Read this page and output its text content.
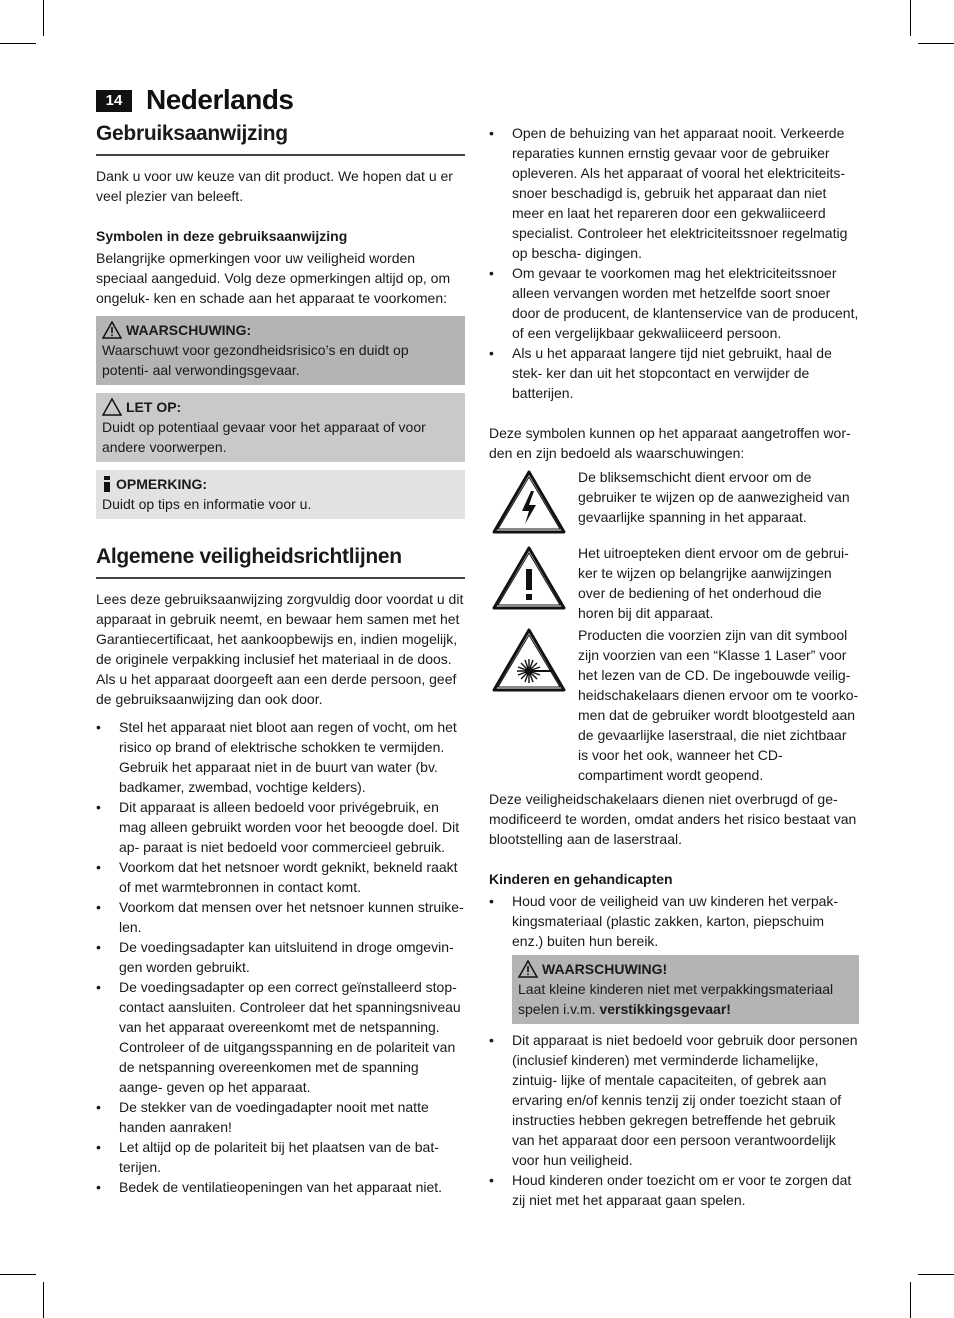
14 Nederlands
Gebruiksaanwijzing

Dank u voor uw keuze van dit product. We hopen dat u er veel plezier van beleeft.

Symbolen in deze gebruiksaanwijzing

Belangrijke opmerkingen voor uw veiligheid worden speciaal aangeduid. Volg deze opmerkingen altijd op, om ongeluk- ken en schade aan het apparaat te voorkomen:

WAARSCHUWING:

Waarschuwt voor gezondheidsrisico’s en duidt op potenti- aal verwondingsgevaar.

LET OP:

Duidt op potentiaal gevaar voor het apparaat of voor andere voorwerpen.

OPMERKING:

Duidt op tips en informatie voor u.

Algemene veiligheidsrichtlijnen

Lees deze gebruiksaanwijzing zorgvuldig door voordat u dit apparaat in gebruik neemt, en bewaar hem samen met het Garantiecertificaat, het aankoopbewijs en, indien mogelijk, de originele verpakking inclusief het materiaal in de doos. Als u het apparaat doorgeeft aan een derde persoon, geef de gebruiksaanwijzing dan ook door.

• Stel het apparaat niet bloot aan regen of vocht, om het risico op brand of elektrische schokken te vermijden. Gebruik het apparaat niet in de buurt van water (bv. badkamer, zwembad, vochtige kelders).
• Dit apparaat is alleen bedoeld voor privégebruik, en mag alleen gebruikt worden voor het beoogde doel. Dit ap- paraat is niet bedoeld voor commercieel gebruik.
• Voorkom dat het netsnoer wordt geknikt, bekneld raakt of met warmtebronnen in contact komt.
• Voorkom dat mensen over het netsnoer kunnen struike- len.
• De voedingsadapter kan uitsluitend in droge omgevin- gen worden gebruikt.
• De voedingsadapter op een correct geïnstalleerd stop- contact aansluiten. Controleer dat het spanningsniveau van het apparaat overeenkomt met de netspanning. Controleer of de uitgangsspanning en de polariteit van de netspanning overeenkomen met de spanning aange- geven op het apparaat.
• De stekker van de voedingadapter nooit met natte handen aanraken!
• Let altijd op de polariteit bij het plaatsen van de bat- terijen.
• Bedek de ventilatieopeningen van het apparaat niet.
• Open de behuizing van het apparaat nooit. Verkeerde reparaties kunnen ernstig gevaar voor de gebruiker opleveren. Als het apparaat of vooral het elektriciteits- snoer beschadigd is, gebruik het apparaat dan niet meer en laat het repareren door een gekwaliiceerd specialist. Controleer het elektriciteitssnoer regelmatig op bescha- digingen.
• Om gevaar te voorkomen mag het elektriciteitssnoer alleen vervangen worden met hetzelfde soort snoer door de producent, de klantenservice van de producent, of een vergelijkbaar gekwaliiceerd persoon.
• Als u het apparaat langere tijd niet gebruikt, haal de stek- ker dan uit het stopcontact en verwijder de batterijen.

Deze symbolen kunnen op het apparaat aangetroffen wor- den en zijn bedoeld als waarschuwingen:

De bliksemschicht dient ervoor om de gebruiker te wijzen op de aanwezigheid van gevaarlijke spanning in het apparaat.
Het uitroepteken dient ervoor om de gebrui- ker te wijzen op belangrijke aanwijzingen over de bediening of het onderhoud die horen bij dit apparaat.
Producten die voorzien zijn van dit symbool zijn voorzien van een “Klasse 1 Laser” voor het lezen van de CD. De ingebouwde veilig- heidschakelaars dienen ervoor om te voorko- men dat de gebruiker wordt blootgesteld aan de gevaarlijke laserstraal, die niet zichtbaar is voor het ook, wanneer het CD-compartiment wordt geopend.

Deze veiligheidschakelaars dienen niet overbrugd of ge- modificeerd te worden, omdat anders het risico bestaat van blootstelling aan de laserstraal.

Kinderen en gehandicapten

• Houd voor de veiligheid van uw kinderen het verpak- kingsmateriaal (plastic zakken, karton, piepschuim enz.) buiten hun bereik.
WAARSCHUWING!

Laat kleine kinderen niet met verpakkingsmateriaal spelen i.v.m. verstikkingsgevaar!

• Dit apparaat is niet bedoeld voor gebruik door personen (inclusief kinderen) met verminderde lichamelijke, zintuig- lijke of mentale capaciteiten, of gebrek aan ervaring en/of kennis tenzij zij onder toezicht staan of instructies hebben gekregen betreffende het gebruik van het apparaat door een persoon verantwoordelijk voor hun veiligheid.
• Houd kinderen onder toezicht om er voor te zorgen dat zij niet met het apparaat gaan spelen.
